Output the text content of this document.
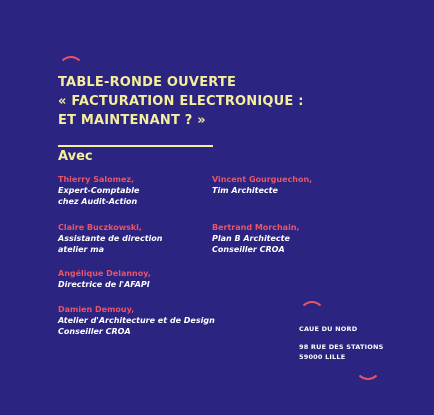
TABLE-RONDE OUVERTE
« FACTURATION ELECTRONIQUE :
ET MAINTENANT ? »
Avec
Thierry Salomez,
Expert-Comptable
chez Audit-Action
Vincent Gourguechon,
Tim Architecte
Claire Buczkowski,
Assistante de direction
atelier ma
Bertrand Morchain,
Plan B Architecte
Conseiller CROA
Angélique Delannoy,
Directrice de l'AFAPI
Damien Demouy,
Atelier d'Architecture et de Design
Conseiller CROA	CAUE DU NORD
98 RUE DES STATIONS
59000 LILLE
